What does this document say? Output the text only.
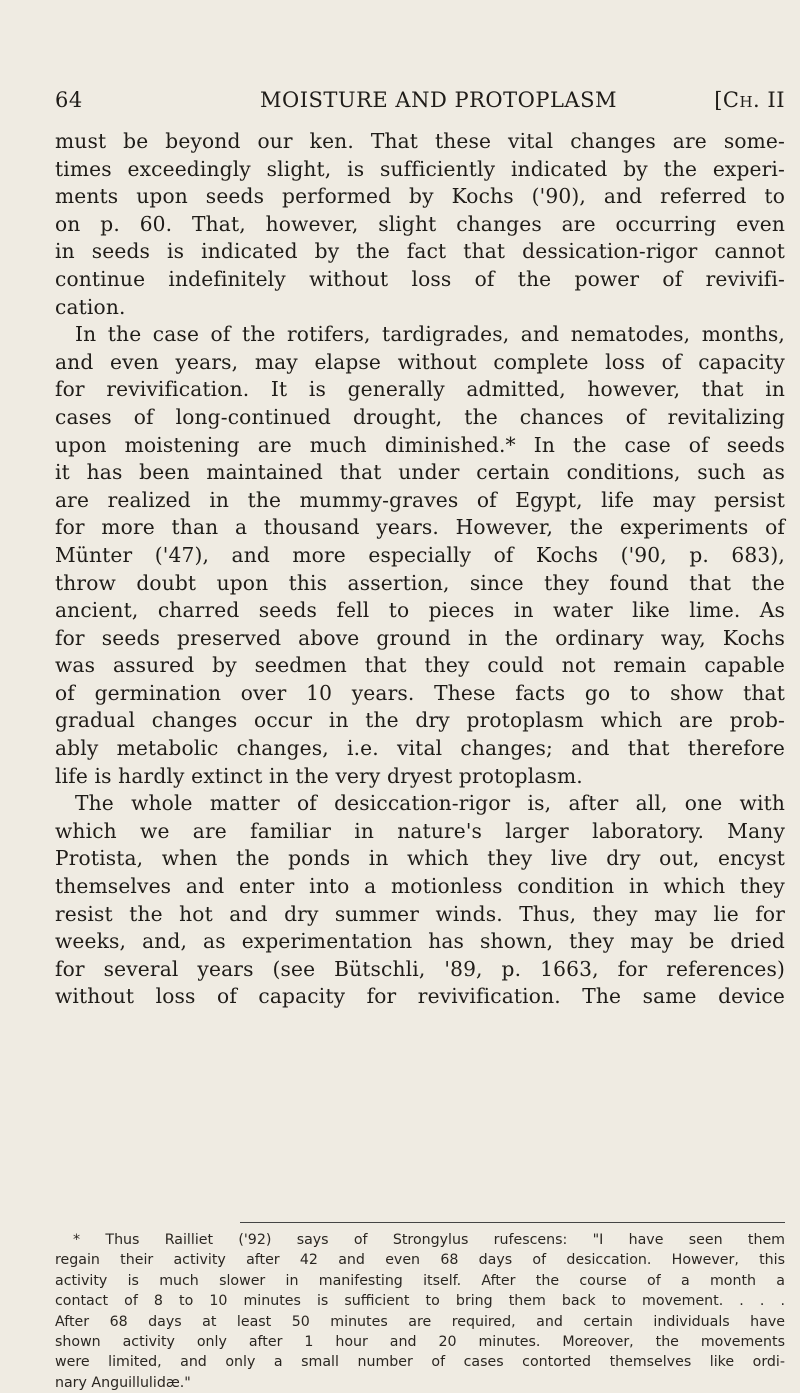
64	MOISTURE AND PROTOPLASM	[Ch. II
must be beyond our ken. That these vital changes are some-
times exceedingly slight, is sufficiently indicated by the experi-
ments upon seeds performed by Kochs ('90), and referred to
on p. 60. That, however, slight changes are occurring even
in seeds is indicated by the fact that dessication-rigor cannot
continue indefinitely without loss of the power of revivifi-
cation.
In the case of the rotifers, tardigrades, and nematodes, months,
and even years, may elapse without complete loss of capacity
for revivification. It is generally admitted, however, that in
cases of long-continued drought, the chances of revitalizing
upon moistening are much diminished.* In the case of seeds
it has been maintained that under certain conditions, such as
are realized in the mummy-graves of Egypt, life may persist
for more than a thousand years. However, the experiments of
Münter ('47), and more especially of Kochs ('90, p. 683),
throw doubt upon this assertion, since they found that the
ancient, charred seeds fell to pieces in water like lime. As
for seeds preserved above ground in the ordinary way, Kochs
was assured by seedmen that they could not remain capable
of germination over 10 years. These facts go to show that
gradual changes occur in the dry protoplasm which are prob-
ably metabolic changes, i.e. vital changes; and that therefore
life is hardly extinct in the very dryest protoplasm.
The whole matter of desiccation-rigor is, after all, one with
which we are familiar in nature's larger laboratory. Many
Protista, when the ponds in which they live dry out, encyst
themselves and enter into a motionless condition in which they
resist the hot and dry summer winds. Thus, they may lie for
weeks, and, as experimentation has shown, they may be dried
for several years (see Bütschli, '89, p. 1663, for references)
without loss of capacity for revivification. The same device
* Thus Railliet ('92) says of Strongylus rufescens: "I have seen them
regain their activity after 42 and even 68 days of desiccation. However, this
activity is much slower in manifesting itself. After the course of a month a
contact of 8 to 10 minutes is sufficient to bring them back to movement. . . .
After 68 days at least 50 minutes are required, and certain individuals have
shown activity only after 1 hour and 20 minutes. Moreover, the movements
were limited, and only a small number of cases contorted themselves like ordi-
nary Anguillulidæ."
